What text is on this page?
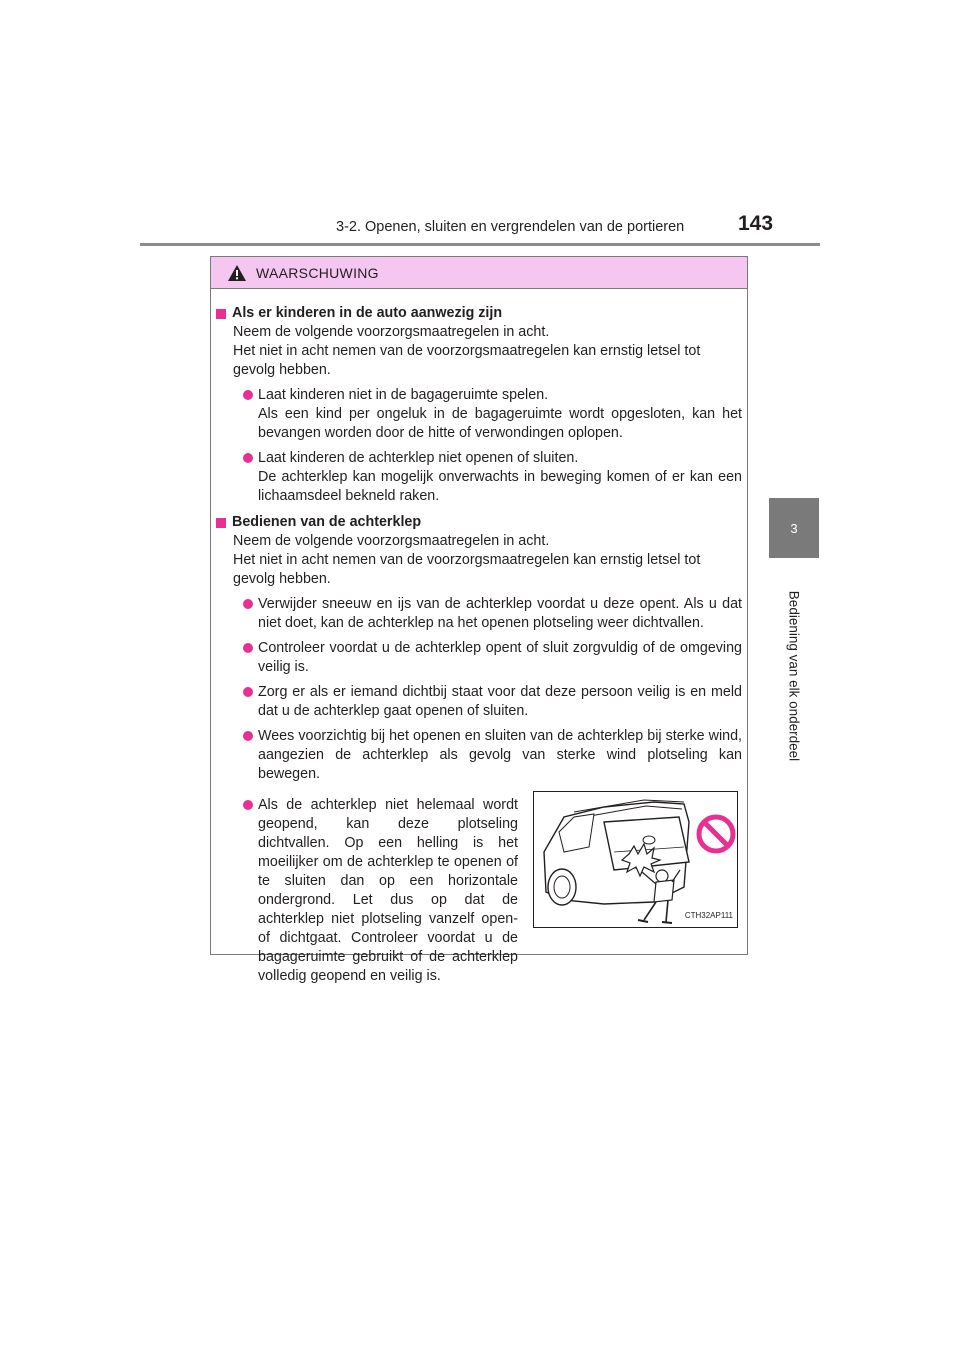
3-2. Openen, sluiten en vergrendelen van de portieren	143
3
Bediening van elk onderdeel
WAARSCHUWING
Als er kinderen in de auto aanwezig zijn

Neem de volgende voorzorgsmaatregelen in acht.

Het niet in acht nemen van de voorzorgsmaatregelen kan ernstig letsel tot gevolg hebben.

Laat kinderen niet in de bagageruimte spelen.

Als een kind per ongeluk in de bagageruimte wordt opgesloten, kan het bevangen worden door de hitte of verwondingen oplopen.

Laat kinderen de achterklep niet openen of sluiten.

De achterklep kan mogelijk onverwachts in beweging komen of er kan een lichaamsdeel bekneld raken.

Bedienen van de achterklep

Neem de volgende voorzorgsmaatregelen in acht.

Het niet in acht nemen van de voorzorgsmaatregelen kan ernstig letsel tot gevolg hebben.

Verwijder sneeuw en ijs van de achterklep voordat u deze opent. Als u dat niet doet, kan de achterklep na het openen plotseling weer dichtvallen.

Controleer voordat u de achterklep opent of sluit zorgvuldig of de omgeving veilig is.

Zorg er als er iemand dichtbij staat voor dat deze persoon veilig is en meld dat u de achterklep gaat openen of sluiten.

Wees voorzichtig bij het openen en sluiten van de achterklep bij sterke wind, aangezien de achterklep als gevolg van sterke wind plotseling kan bewegen.

Als de achterklep niet helemaal wordt geopend, kan deze plotseling dichtvallen. Op een helling is het moeilijker om de achterklep te openen of te sluiten dan op een horizontale ondergrond. Let dus op dat de achterklep niet plotseling vanzelf open- of dichtgaat. Controleer voordat u de bagageruimte gebruikt of de achterklep volledig geopend en veilig is.
CTH32AP111
